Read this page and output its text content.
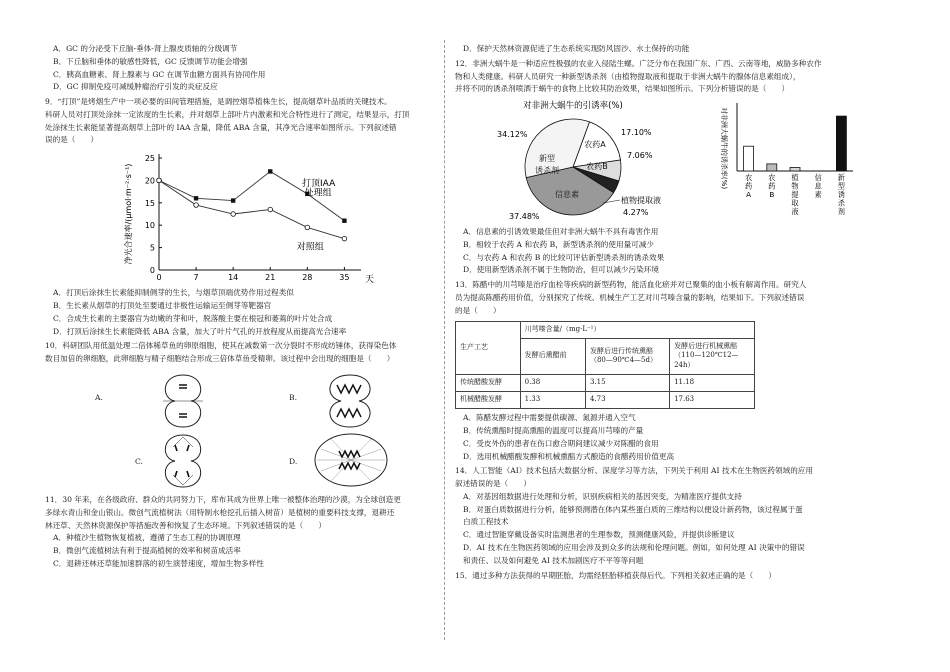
A．GC 的分泌受下丘脑-垂体-肾上腺皮质轴的分级调节
B．下丘脑和垂体的敏感性降低，GC 反馈调节功能会增强
C．胰高血糖素、肾上腺素与 GC 在调节血糖方面具有协同作用
D．GC 抑制免疫可减缓肿瘤治疗引发的炎症反应
9．“打顶”是烤烟生产中一项必要的田间管理措施，是调控烟草植株生长，提高烟草叶品质的关键技术。
科研人员对打顶处涂抹一定浓度的生长素，并对烟草上部叶片内激素和光合特性进行了测定，结果显示，打顶
处涂抹生长素能显著提高烟草上部叶的 IAA 含量，降低 ABA 含量，其净光合速率如图所示。下列叙述错
误的是（　　）
0
5
10
15
20
25
0	7	14	21	28	35 天
净光合速率/(μmol·m⁻²·s⁻¹)	打顶IAA
处理组
对照组
A．打顶后涂抹生长素能抑制侧芽的生长，与烟草顶端优势作用过程类似
B．生长素从烟草的打顶处至要通过非极性运输运至侧芽等靶器官
C．合成生长素的主要器官为幼嫩的芽和叶，脱落酸主要在根冠和萎蔫的叶片处合成
D．打顶后涂抹生长素能降低 ABA 含量，加大了叶片气孔的开放程度从而提高光合速率
10．科研团队用低温处理二倍体稀草鱼的卵原细胞，使其在减数第一次分裂时不形成纺锤体，获得染色体
数目加倍的卵细胞，此卵细胞与精子细胞结合形成三倍体草鱼受精卵。该过程中会出现的细胞是（　　）
A.	B.
C.	D.
11．30 年来，在各级政府、群众的共同努力下，库布其成为世界上唯一被整体治理的沙漠，为全球创造更
多绿水青山和金山银山。微创气流植树法（用特制水枪挖孔后插入树苗）是植树的重要科技支撑，退耕还
林还草、天然林资源保护等措施改善和恢复了生态环境。下列叙述错误的是（　　）
A．种植沙生植物恢复植被，遵循了生态工程的协调原理
B．微创气流植树法有利于提高植树的效率和树苗成活率
C．退耕还林还草能加速群落的初生演替速度，增加生物多样性
D．保护天然林资源促进了生态系统实现防风固沙、水土保持的功能
12．非洲大蜗牛是一种适应性极强的农业入侵陆生螺。广泛分布在我国广东、广西、云南等地，威胁多种农作
物和人类健康。科研人员研究一种新型诱杀剂（由植物提取液和提取于非洲大蜗牛的腺体信息素组成），
并将不同的诱杀剂喷洒于蜗牛的食物上比较其防治效果，结果如图所示。下列分析错误的是（　　）
对非洲大蜗牛的引诱率(%)
农药A
农药B
信息素
新型
诱杀剂
17.10%
7.06%
4.27%
37.48%
34.12%
植物提取液
对非洲大蜗牛的诱杀率(%) 农
药
A
农
药
B
植
物
提
取
液
信
息
素
新
型
诱
杀
剂
A．信息素的引诱效果最佳但对非洲大蜗牛不具有毒害作用
B．相较于农药 A 和农药 B，新型诱杀剂的使用量可减少
C．与农药 A 和农药 B 的比较可评估新型诱杀剂的诱杀效果
D．使用新型诱杀剂不属于生物防治，但可以减少污染环境
13．陈醋中的川芎嗪是治疗血栓等疾病的新型药物，能活血化瘀并对已聚集的血小板有解离作用。研究人
员为提高陈醋药用价值，分别探究了传统、机械生产工艺对川芎嗪含量的影响，结果如下。下列叙述错误
的是（　　）
生产工艺	川芎嗪含量/（mg·L⁻¹）		
	发酵后熏醋前	发酵后进行传统熏醅（80—90℃4—5d）	发酵后进行机械熏醅（110—120℃12—24h）
传统醋酸发酵	0.38	3.15	11.18
机械醋酸发酵	1.33	4.73	17.63
A．陈醋发酵过程中需要提供碳源、氮源并通入空气
B．传统熏醅时提高熏醅的温度可以提高川芎嗪的产量
C．受皮外伤的患者在伤口愈合期间建议减少对陈醋的食用
D．选用机械醋酸发酵和机械熏醅方式酿造的食醋药用价值更高
14．人工智能（AI）技术包括大数据分析、深度学习等方法，下列关于利用 AI 技术在生物医药领域的应用
叙述错误的是（　　）
A．对基因组数据进行处理和分析，识别疾病相关的基因突变，为精准医疗提供支持
B．对蛋白质数据进行分析，能够预测潜在体内某些蛋白质的三维结构以便设计新药物，该过程属于蛋
白质工程技术
C．通过智能穿戴设备实时监测患者的生理参数，预测健康风险，并提供诊断建议
D．AI 技术在生物医药领域的应用会涉及到众多的法规和伦理问题。例如，如何处理 AI 决策中的错误
和责任、以及如何避免 AI 技术加剧医疗不平等等问题
15．通过多种方法获得的早期胚胎，均需经胚胎移植获得后代。下列相关叙述正确的是（　　）
